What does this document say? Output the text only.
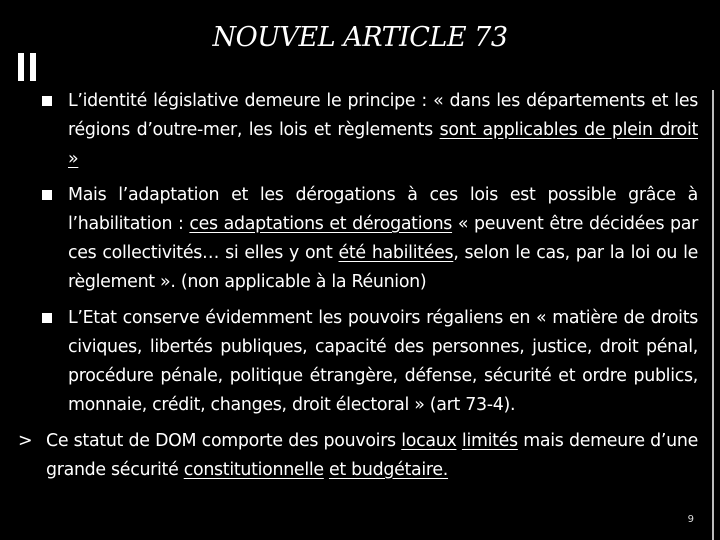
NOUVEL ARTICLE 73
L’identité législative demeure le principe : « dans les départements et les régions d’outre-mer, les lois et règlements sont applicables de plein droit »
Mais l’adaptation et les dérogations à ces lois est possible grâce à l’habilitation : ces adaptations et dérogations « peuvent être décidées par ces collectivités… si elles y ont été habilitées, selon le cas, par la loi ou le règlement ». (non applicable à la Réunion)
L’Etat conserve évidemment les pouvoirs régaliens en « matière de droits civiques, libertés publiques, capacité des personnes, justice, droit pénal, procédure pénale, politique étrangère, défense, sécurité et ordre publics, monnaie, crédit, changes, droit électoral » (art 73-4).
> Ce statut de DOM comporte des pouvoirs locaux limités mais demeure d’une grande sécurité constitutionnelle et budgétaire.
9
